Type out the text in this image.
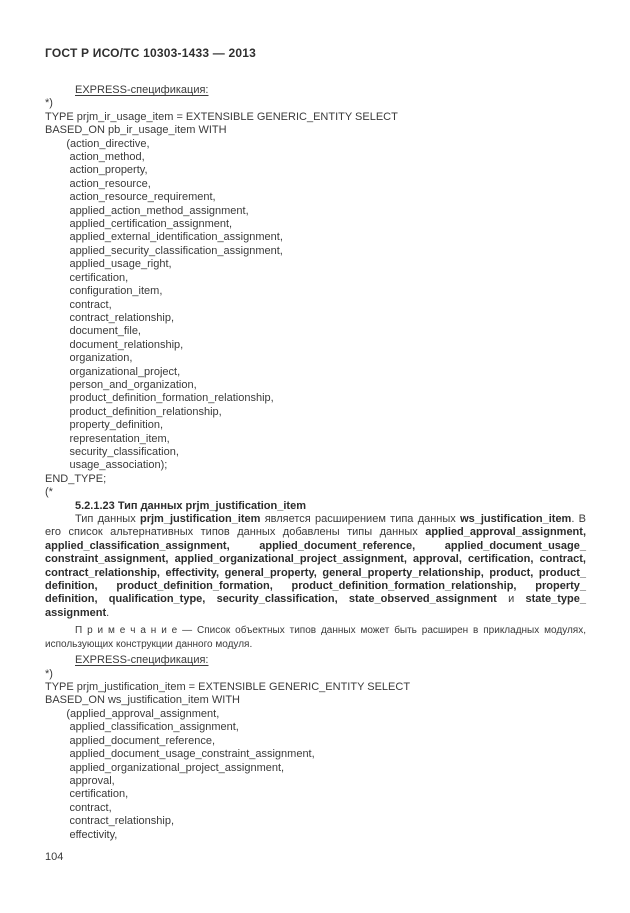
ГОСТ Р ИСО/ТС 10303-1433 — 2013

EXPRESS-спецификация:

*)
TYPE prjm_ir_usage_item = EXTENSIBLE GENERIC_ENTITY SELECT
BASED_ON pb_ir_usage_item WITH
(action_directive,
action_method,
action_property,
action_resource,
action_resource_requirement,
applied_action_method_assignment,
applied_certification_assignment,
applied_external_identification_assignment,
applied_security_classification_assignment,
applied_usage_right,
certification,
configuration_item,
contract,
contract_relationship,
document_file,
document_relationship,
organization,
organizational_project,
person_and_organization,
product_definition_formation_relationship,
product_definition_relationship,
property_definition,
representation_item,
security_classification,
usage_association);
END_TYPE;
(*

5.2.1.23 Тип данных prjm_justification_item

Тип данных prjm_justification_item является расширением типа данных ws_justification_item. В его список альтернативных типов данных добавлены типы данных applied_approval_assignment, applied_classification_assignment, applied_document_reference, applied_document_usage_constraint_assignment, applied_organizational_project_assignment, approval, certification, contract, contract_relationship, effectivity, general_property, general_property_relationship, product, product_definition, product_definition_formation, product_definition_formation_relationship, property_definition, qualification_type, security_classification, state_observed_assignment и state_type_assignment.

П р и м е ч а н и е — Список объектных типов данных может быть расширен в прикладных модулях, использующих конструкции данного модуля.

EXPRESS-спецификация:

*)
TYPE prjm_justification_item = EXTENSIBLE GENERIC_ENTITY SELECT
BASED_ON ws_justification_item WITH
(applied_approval_assignment,
applied_classification_assignment,
applied_document_reference,
applied_document_usage_constraint_assignment,
applied_organizational_project_assignment,
approval,
certification,
contract,
contract_relationship,
effectivity,
104
